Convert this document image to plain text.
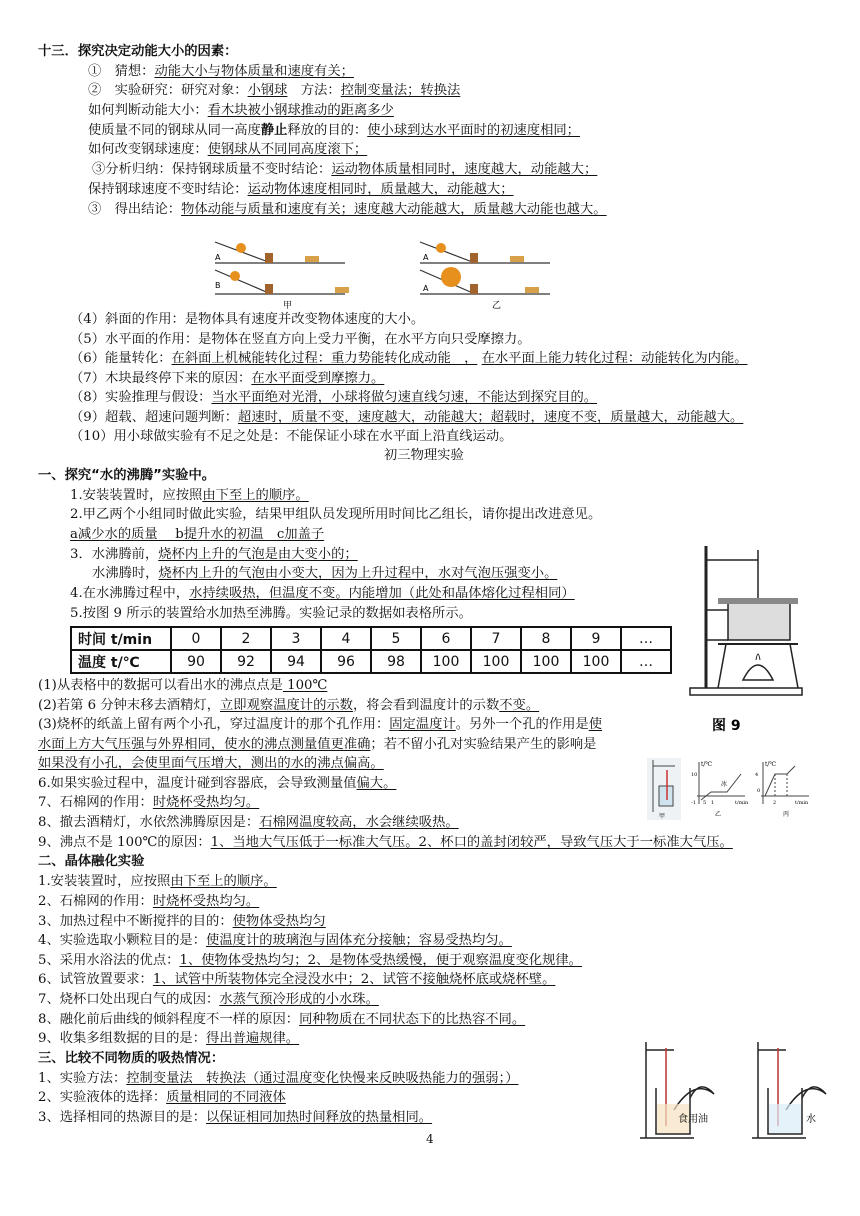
十三．探究决定动能大小的因素：
①　猜想：动能大小与物体质量和速度有关；
②　实验研究：研究对象：小钢球　方法：控制变量法；转换法
如何判断动能大小：看木块被小钢球推动的距离多少
使质量不同的钢球从同一高度静止释放的目的：使小球到达水平面时的初速度相同；
如何改变钢球速度：使钢球从不同同高度滚下；
③分析归纳：保持钢球质量不变时结论：运动物体质量相同时，速度越大，动能越大；
保持钢球速度不变时结论：运动物体速度相同时，质量越大，动能越大；
③　得出结论：物体动能与质量和速度有关；速度越大动能越大，质量越大动能也越大。
A
B
A
A
甲	乙
（4）斜面的作用：是物体具有速度并改变物体速度的大小。
（5）水平面的作用：是物体在竖直方向上受力平衡，在水平方向只受摩擦力。
（6）能量转化：在斜面上机械能转化过程：重力势能转化成动能　， 在水平面上能力转化过程：动能转化为内能。
（7）木块最终停下来的原因：在水平面受到摩擦力。
（8）实验推理与假设：当水平面绝对光滑，小球将做匀速直线匀速，不能达到探究目的。
（9）超载、超速问题判断：超速时，质量不变，速度越大，动能越大；超载时，速度不变，质量越大，动能越大。
（10）用小球做实验有不足之处是：不能保证小球在水平面上沿直线运动。
初三物理实验
一、探究“水的沸腾”实验中。
1.安装装置时，应按照由下至上的顺序。
2.甲乙两个小组同时做此实验，结果甲组队员发现所用时间比乙组长，请你提出改进意见。
a减少水的质量　 b提升水的初温　c加盖子
3．水沸腾前，烧杯内上升的气泡是由大变小的；
水沸腾时，烧杯内上升的气泡由小变大，因为上升过程中，水对气泡压强变小。
4.在水沸腾过程中，水持续吸热，但温度不变。内能增加（此处和晶体熔化过程相同）
5.按图 9 所示的装置给水加热至沸腾。实验记录的数据如表格所示。
时间 t/min	0	2	3	4	5	6	7	8	9	…
温度 t/℃	90	92	94	96	98	100	100	100	100	…
图 9
(1)从表格中的数据可以看出水的沸点点是 100℃
(2)若第 6 分钟末移去酒精灯，立即观察温度计的示数，将会看到温度计的示数不变。
(3)烧杯的纸盖上留有两个小孔，穿过温度计的那个孔作用：固定温度计。另外一个孔的作用是使
水面上方大气压强与外界相同，使水的沸点测量值更准确；若不留小孔对实验结果产生的影响是
如果没有小孔，会使里面气压增大，测出的水的沸点偏高。
甲
t/℃
冰
10
-1 5 1	t/min
乙
t/℃
4
0
2	t/min
丙
6.如果实验过程中，温度计碰到容器底，会导致测量值偏大。
7、石棉网的作用：时烧杯受热均匀。
8、撤去酒精灯，水依然沸腾原因是：石棉网温度较高，水会继续吸热。
9、沸点不是 100℃的原因：1、当地大气压低于一标准大气压。2、杯口的盖封闭较严，导致气压大于一标准大气压。
二、晶体融化实验
1.安装装置时，应按照由下至上的顺序。
2、石棉网的作用：时烧杯受热均匀。
3、加热过程中不断搅拌的目的：使物体受热均匀
4、实验选取小颗粒目的是：使温度计的玻璃泡与固体充分接触；容易受热均匀。
5、采用水浴法的优点：1、使物体受热均匀；2、是物体受热缓慢，便于观察温度变化规律。
6、试管放置要求：1、试管中所装物体完全浸没水中；2、试管不接触烧杯底或烧杯壁。
7、烧杯口处出现白气的成因：水蒸气预冷形成的小水珠。
8、融化前后曲线的倾斜程度不一样的原因：同种物质在不同状态下的比热容不同。
9、收集多组数据的目的是：得出普遍规律。
三、比较不同物质的吸热情况：
1、实验方法：控制变量法　转换法（通过温度变化快慢来反映吸热能力的强弱；）
2、实验液体的选择：质量相同的不同液体
3、选择相同的热源目的是：以保证相同加热时间释放的热量相同。	食用油	水
4
